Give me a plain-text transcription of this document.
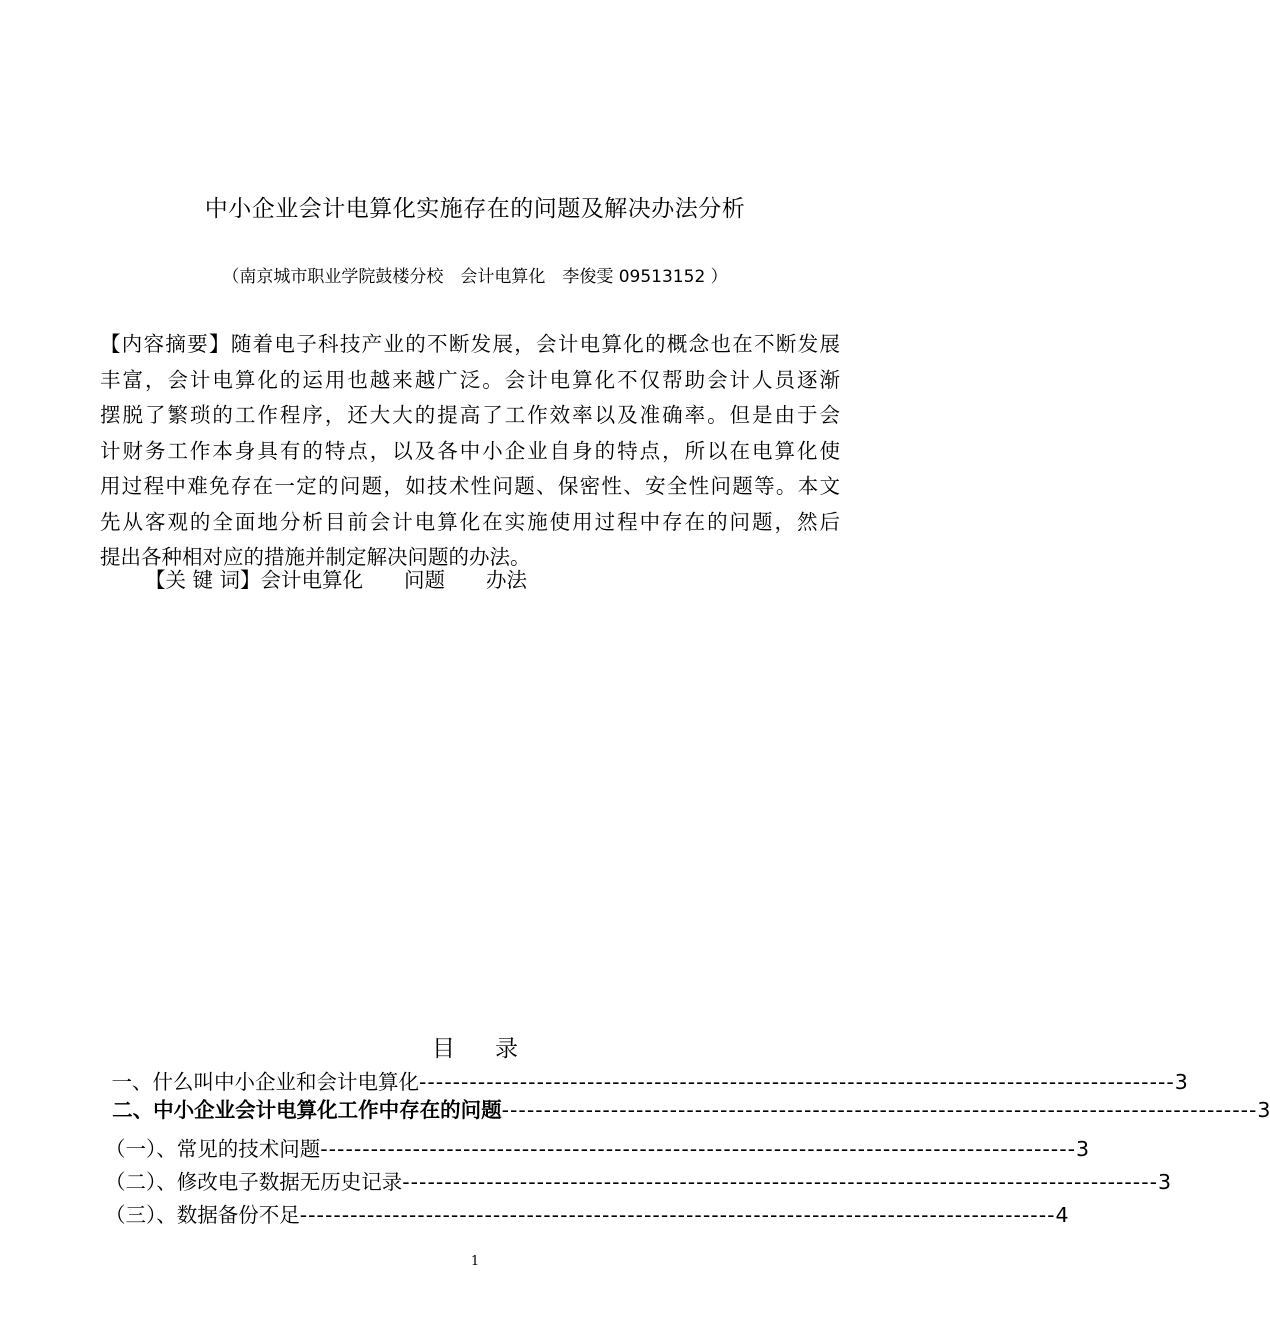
中小企业会计电算化实施存在的问题及解决办法分析
（南京城市职业学院鼓楼分校　会计电算化　李俊雯 09513152 ）
【内容摘要】随着电子科技产业的不断发展，会计电算化的概念也在不断发展
丰富，会计电算化的运用也越来越广泛。会计电算化不仅帮助会计人员逐渐
摆脱了繁琐的工作程序，还大大的提高了工作效率以及准确率。但是由于会
计财务工作本身具有的特点，以及各中小企业自身的特点，所以在电算化使
用过程中难免存在一定的问题，如技术性问题、保密性、安全性问题等。本文
先从客观的全面地分析目前会计电算化在实施使用过程中存在的问题，然后
提出各种相对应的措施并制定解决问题的办法。
【关 键 词】会计电算化　　问题　　办法
目录
一、什么叫中小企业和会计电算化 ------------------------------------------------------------------------------------------ 3
二、中小企业会计电算化工作中存在的问题 ------------------------------------------------------------------------------------------ 3
（一）、常见的技术问题 ------------------------------------------------------------------------------------------ 3
（二）、修改电子数据无历史记录 ------------------------------------------------------------------------------------------ 3
（三）、数据备份不足 ------------------------------------------------------------------------------------------ 4
1
